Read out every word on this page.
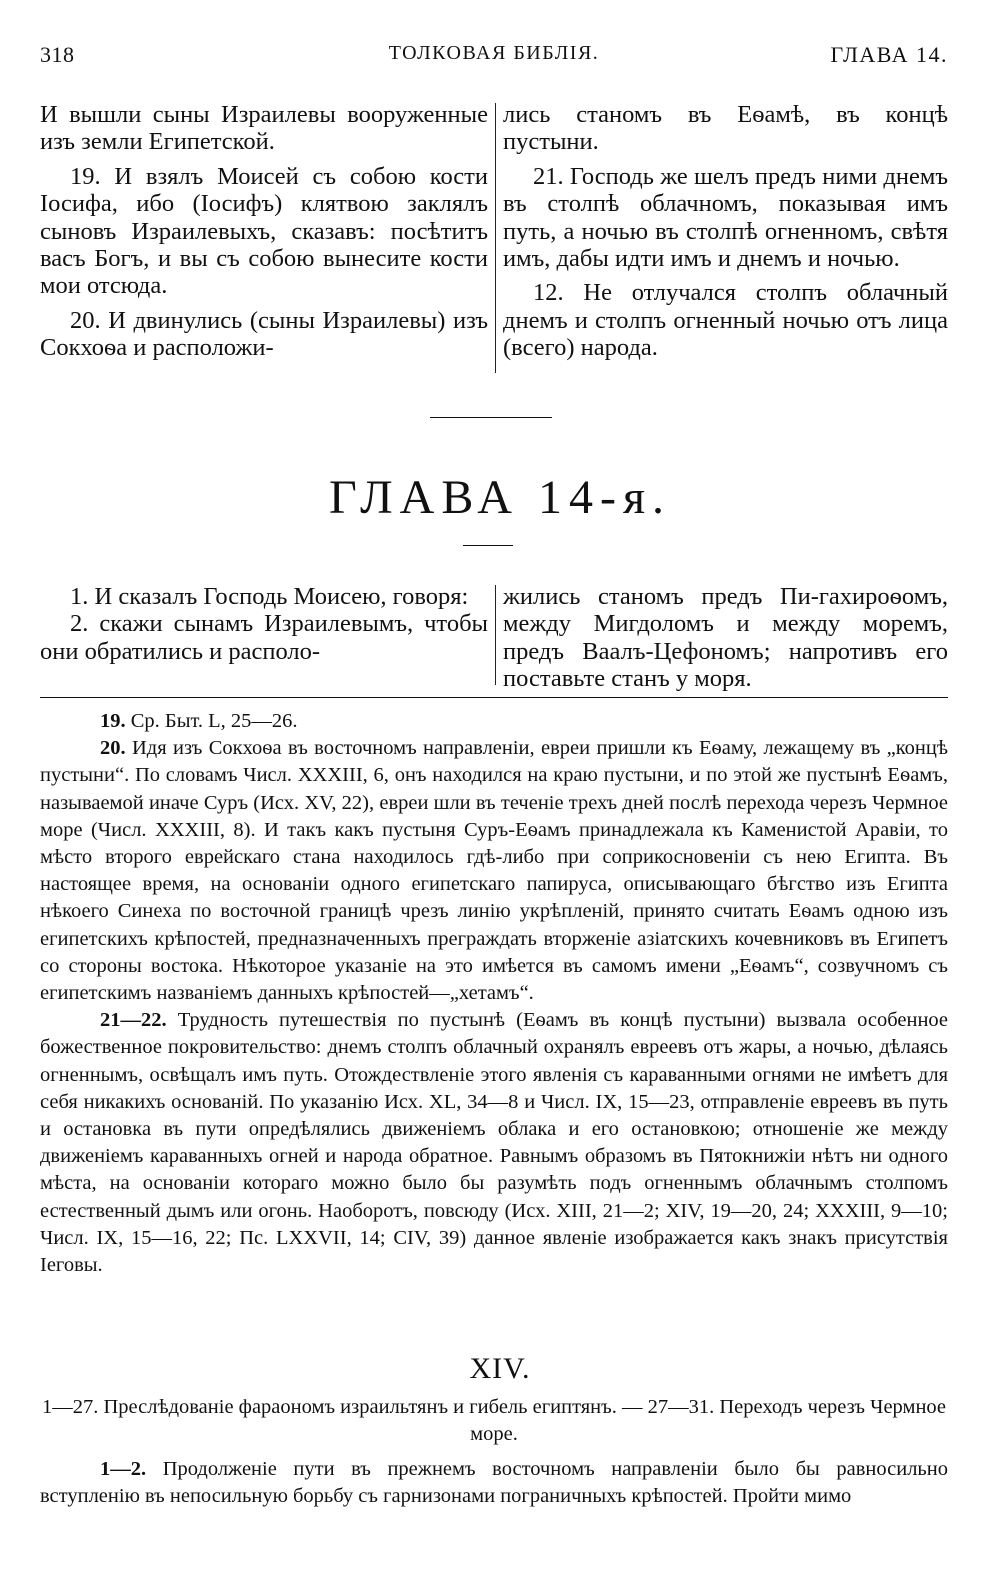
318	ТОЛКОВАЯ БИБЛIЯ.	ГЛАВА 14.

И вышли сыны Израилевы вооруженные изъ земли Египетской.

19. И взялъ Моисей съ собою кости Iосифа, ибо (Iосифъ) клятвою заклялъ сыновъ Израилевыхъ, сказавъ: посѣтитъ васъ Богъ, и вы съ собою вынесите кости мои отсюда.

20. И двинулись (сыны Израилевы) изъ Сокхоѳа и расположи-

лись станомъ въ Еѳамѣ, въ концѣ пустыни.

21. Господь же шелъ предъ ними днемъ въ столпѣ облачномъ, показывая имъ путь, а ночью въ столпѣ огненномъ, свѣтя имъ, дабы идти имъ и днемъ и ночью.

12. Не отлучался столпъ облачный днемъ и столпъ огненный ночью отъ лица (всего) народа.

ГЛАВА 14-я.

1. И сказалъ Господь Моисею, говоря:

2. скажи сынамъ Израилевымъ, чтобы они обратились и располо-

жились станомъ предъ Пи-гахироѳомъ, между Мигдоломъ и между моремъ, предъ Ваалъ-Цефономъ; напротивъ его поставьте станъ у моря.

19. Ср. Быт. L, 25—26.

20. Идя изъ Сокхоѳа въ восточномъ направленiи, евреи пришли къ Еѳаму, лежащему въ „концѣ пустыни“. По словамъ Числ. XXXIII, 6, онъ находился на краю пустыни, и по этой же пустынѣ Еѳамъ, называемой иначе Суръ (Исх. XV, 22), евреи шли въ теченiе трехъ дней послѣ перехода черезъ Чермное море (Числ. XXXIII, 8). И такъ какъ пустыня Суръ-Еѳамъ принадлежала къ Каменистой Аравiи, то мѣсто второго еврейскаго стана находилось гдѣ-либо при соприкосновенiи съ нею Египта. Въ настоящее время, на основанiи одного египетскаго папируса, описывающаго бѣгство изъ Египта нѣкоего Синеха по восточной границѣ чрезъ линiю укрѣпленiй, принято считать Еѳамъ одною изъ египетскихъ крѣпостей, предназначенныхъ преграждать вторженiе азiатскихъ кочевниковъ въ Египетъ со стороны востока. Нѣкоторое указанiе на это имѣется въ самомъ имени „Еѳамъ“, созвучномъ съ египетскимъ названiемъ данныхъ крѣпостей—„хетамъ“.

21—22. Трудность путешествiя по пустынѣ (Еѳамъ въ концѣ пустыни) вызвала особенное божественное покровительство: днемъ столпъ облачный охранялъ евреевъ отъ жары, а ночью, дѣлаясь огненнымъ, освѣщалъ имъ путь. Отождествленiе этого явленiя съ караванными огнями не имѣетъ для себя никакихъ основанiй. По указанiю Исх. XL, 34—8 и Числ. IX, 15—23, отправленiе евреевъ въ путь и остановка въ пути опредѣлялись движенiемъ облака и его остановкою; отношенiе же между движенiемъ караванныхъ огней и народа обратное. Равнымъ образомъ въ Пятокнижiи нѣтъ ни одного мѣста, на основанiи котораго можно было бы разумѣть подъ огненнымъ облачнымъ столпомъ естественный дымъ или огонь. Наоборотъ, повсюду (Исх. XIII, 21—2; XIV, 19—20, 24; XXXIII, 9—10; Числ. IX, 15—16, 22; Пс. LXXVII, 14; CIV, 39) данное явленiе изображается какъ знакъ присутствiя Iеговы.

XIV.
1—27. Преслѣдованiе фараономъ израильтянъ и гибель египтянъ. — 27—31. Переходъ черезъ Чермное море.

1—2. Продолженiе пути въ прежнемъ восточномъ направленiи было бы равносильно вступленiю въ непосильную борьбу съ гарнизонами пограничныхъ крѣпостей. Пройти мимо
